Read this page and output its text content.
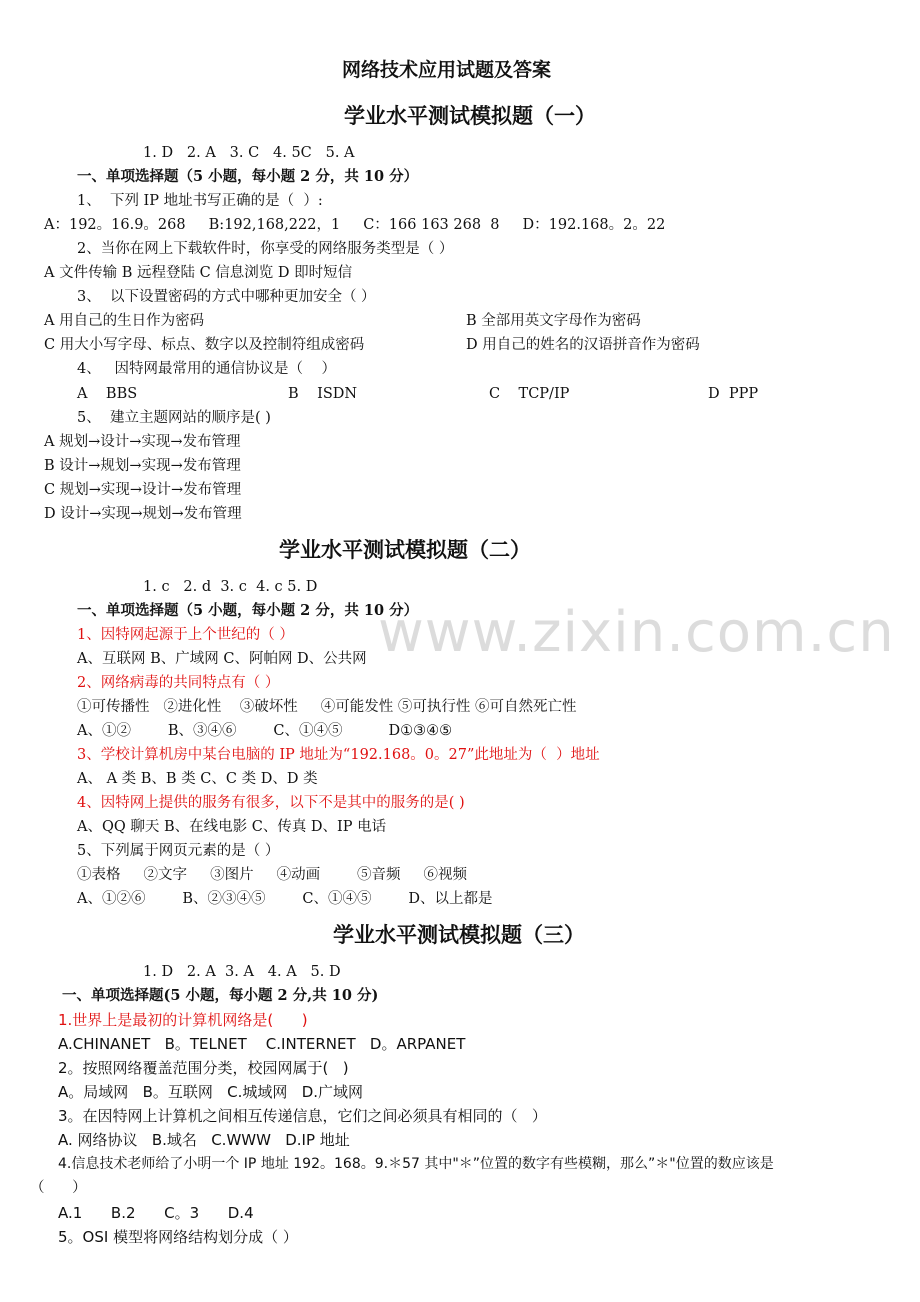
www.zixin.com.cn
网络技术应用试题及答案
学业水平测试模拟题（一）
1. D   2. A   3. C   4. 5C   5. A
一、单项选择题（5 小题，每小题 2 分，共 10 分）
1、  下列 IP 地址书写正确的是（  ）:
A：192。16.9。268     B:192,168,222，1     C：166 163 268  8     D：192.168。2。22
2、当你在网上下载软件时，你享受的网络服务类型是（ ）
A 文件传输 B 远程登陆 C 信息浏览 D 即时短信
3、  以下设置密码的方式中哪种更加安全（ ）
A 用自己的生日作为密码	B 全部用英文字母作为密码
C 用大小写字母、标点、数字以及控制符组成密码	D 用自己的姓名的汉语拼音作为密码
4、   因特网最常用的通信协议是（    ）
A    BBS	B    ISDN	C    TCP/IP	D  PPP
5、  建立主题网站的顺序是( )
A 规划→设计→实现→发布管理
B 设计→规划→实现→发布管理
C 规划→实现→设计→发布管理
D 设计→实现→规划→发布管理
学业水平测试模拟题（二）
1. c   2. d  3. c  4. c 5. D
一、单项选择题（5 小题，每小题 2 分，共 10 分）
1、因特网起源于上个世纪的（ ）
A、互联网 B、广域网 C、阿帕网 D、公共网
2、网络病毒的共同特点有（ ）
①可传播性   ②进化性    ③破坏性     ④可能发性 ⑤可执行性 ⑥可自然死亡性
A、①②        B、③④⑥        C、①④⑤          D①③④⑤
3、学校计算机房中某台电脑的 IP 地址为“192.168。0。27”此地址为（  ）地址
A、 A 类 B、B 类 C、C 类 D、D 类
4、因特网上提供的服务有很多，以下不是其中的服务的是( )
A、QQ 聊天 B、在线电影 C、传真 D、IP 电话
5、下列属于网页元素的是（ ）
①表格     ②文字     ③图片     ④动画        ⑤音频     ⑥视频
A、①②⑥        B、②③④⑤        C、①④⑤        D、以上都是
学业水平测试模拟题（三）
1. D   2. A  3. A   4. A   5. D
一、单项选择题(5 小题，每小题 2 分,共 10 分)
1.世界上是最初的计算机网络是(      )
A.CHINANET   B。TELNET    C.INTERNET   D。ARPANET
2。按照网络覆盖范围分类，校园网属于(   )
A。局域网   B。互联网   C.城域网   D.广域网
3。在因特网上计算机之间相互传递信息，它们之间必须具有相同的（   ）
A. 网络协议   B.域名   C.WWW   D.IP 地址
4.信息技术老师给了小明一个 IP 地址 192。168。9.＊57 其中"＊”位置的数字有些模糊，那么”＊"位置的数应该是
（      ）
A.1      B.2      C。3      D.4
5。OSI 模型将网络结构划分成（ ）
